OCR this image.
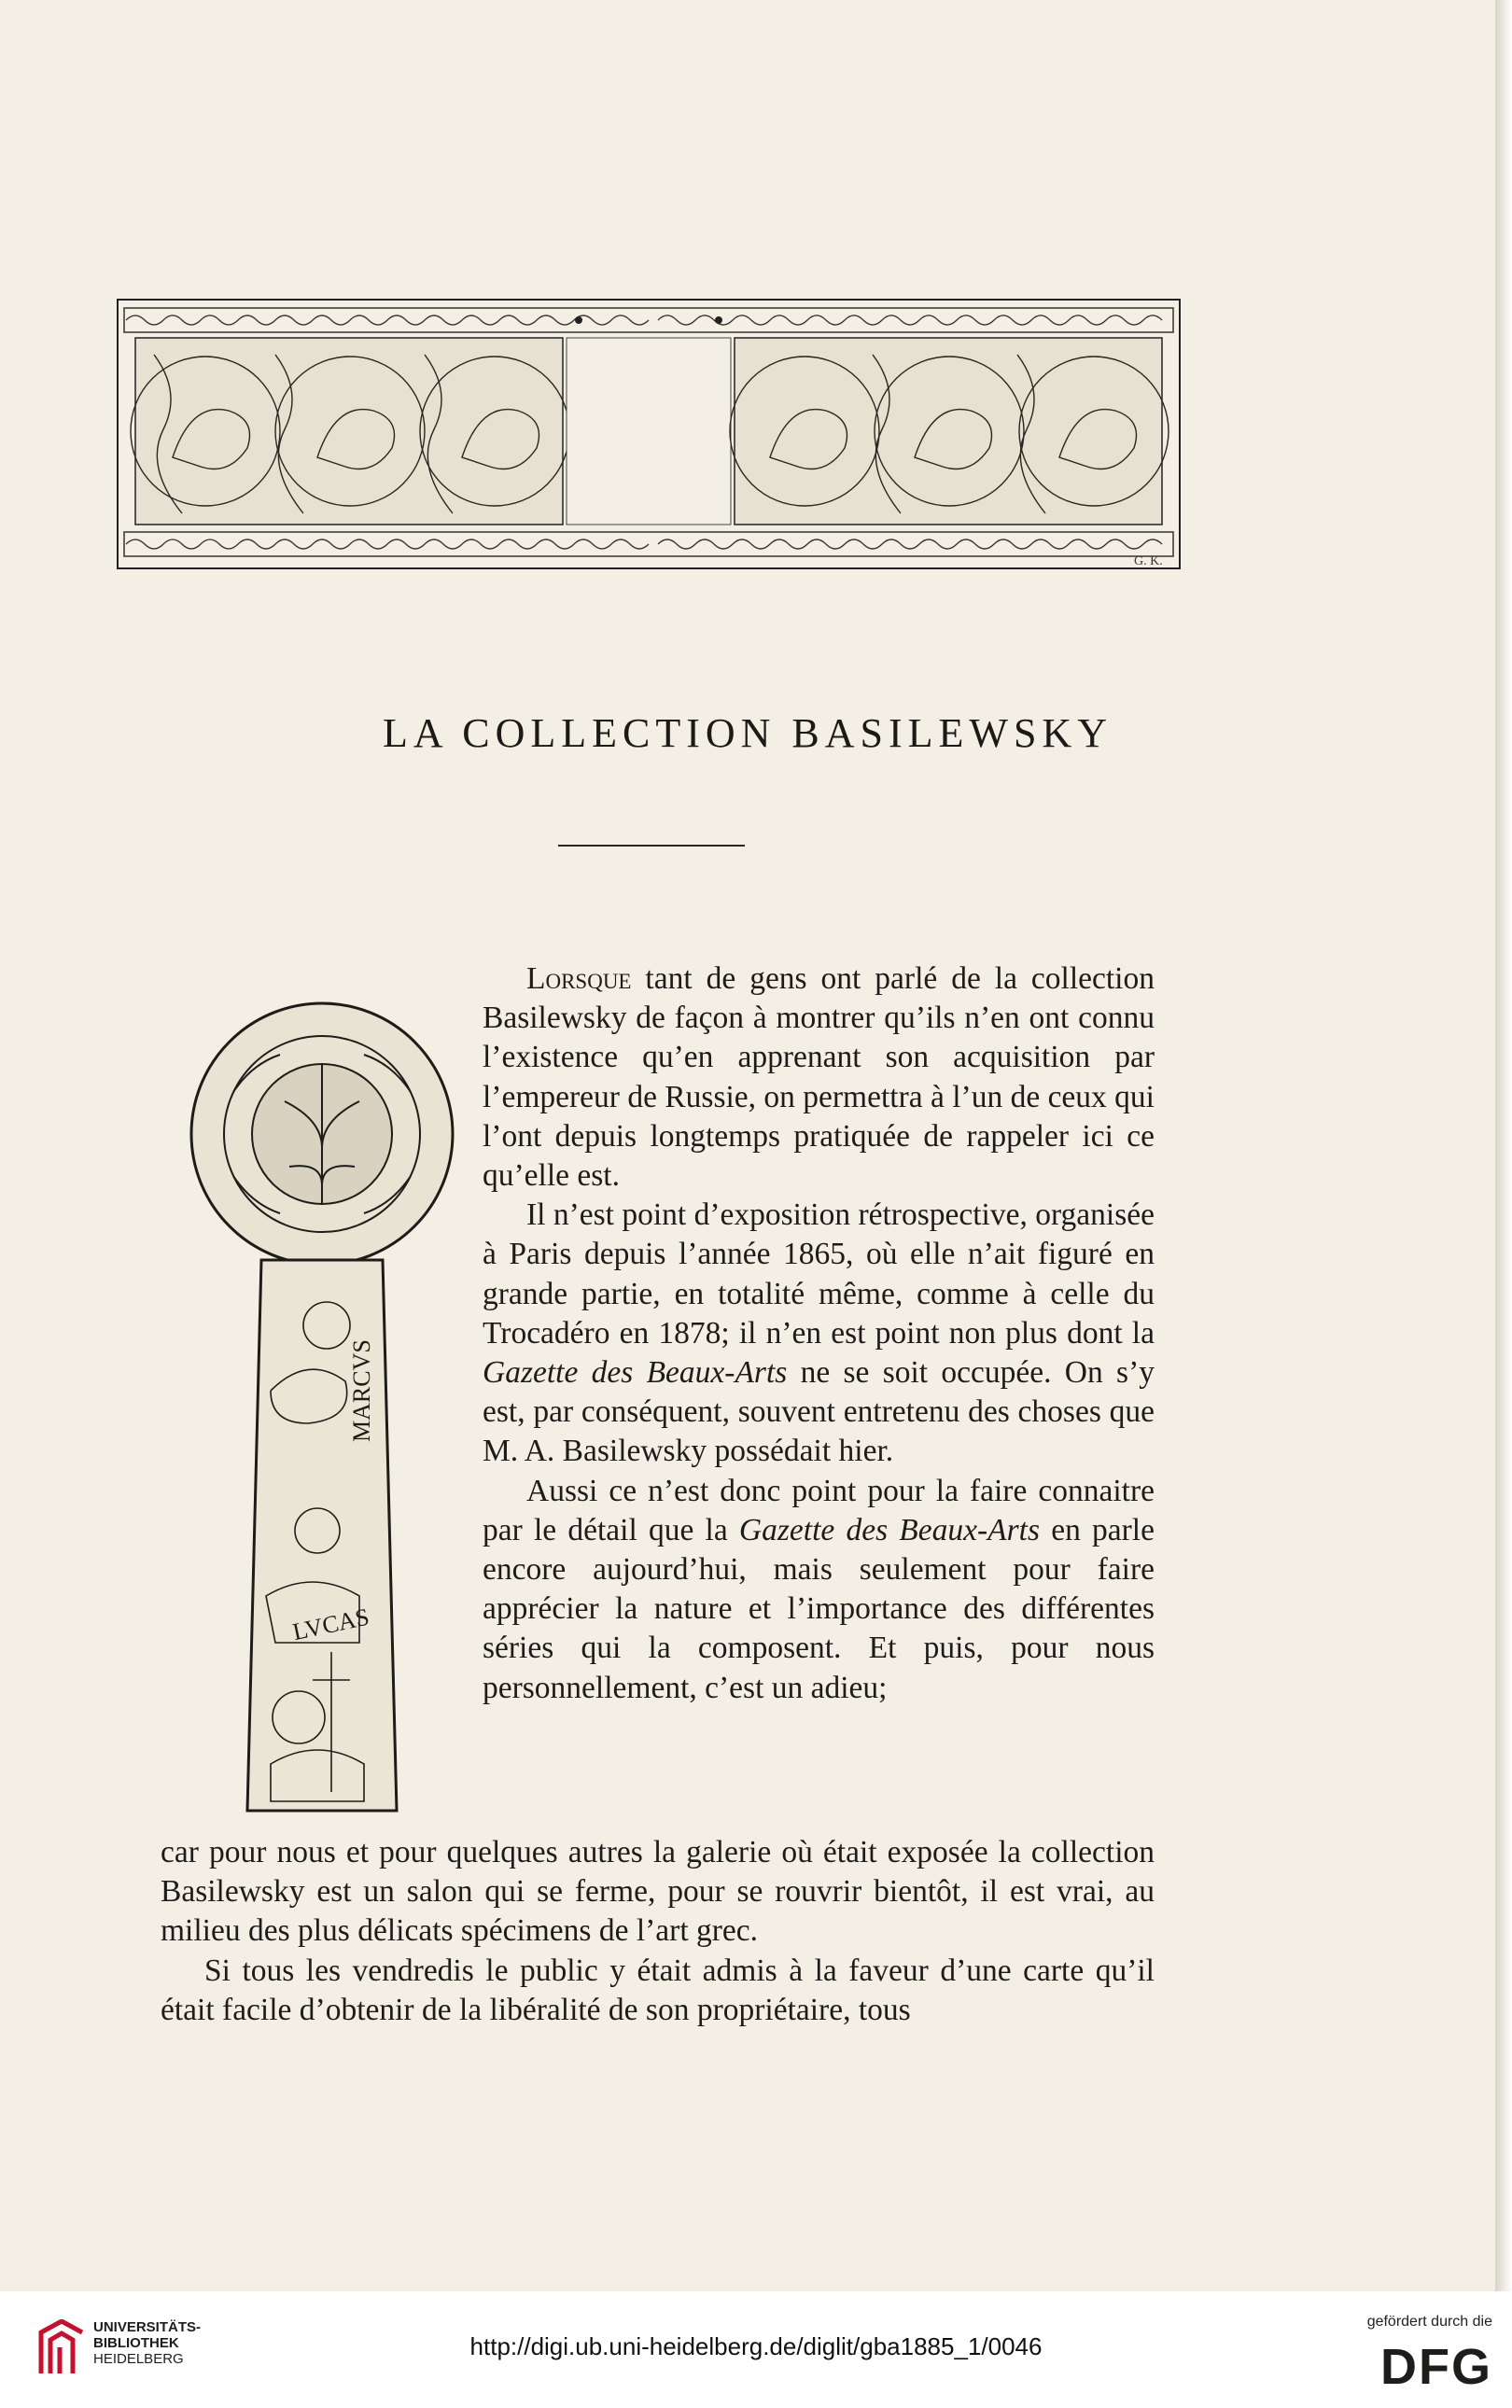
G. K.
LA COLLECTION BASILEWSKY
MARCVS
LVCAS

Lorsque tant de gens ont parlé de la collection Basilewsky de façon à montrer qu’ils n’en ont connu l’existence qu’en apprenant son acquisition par l’empereur de Russie, on permettra à l’un de ceux qui l’ont depuis longtemps pratiquée de rappeler ici ce qu’elle est.

Il n’est point d’exposition rétrospective, organisée à Paris depuis l’année 1865, où elle n’ait figuré en grande partie, en totalité même, comme à celle du Trocadéro en 1878; il n’en est point non plus dont la Gazette des Beaux-Arts ne se soit occupée. On s’y est, par conséquent, souvent entretenu des choses que M. A. Basilewsky possédait hier.

Aussi ce n’est donc point pour la faire connaitre par le détail que la Gazette des Beaux-Arts en parle encore aujourd’hui, mais seulement pour faire apprécier la nature et l’importance des différentes séries qui la composent. Et puis, pour nous personnellement, c’est un adieu;

car pour nous et pour quelques autres la galerie où était exposée la collection Basilewsky est un salon qui se ferme, pour se rouvrir bientôt, il est vrai, au milieu des plus délicats spécimens de l’art grec.

Si tous les vendredis le public y était admis à la faveur d’une carte qu’il était facile d’obtenir de la libéralité de son propriétaire, tous

UNIVERSITÄTS-
BIBLIOTHEK
HEIDELBERG	http://digi.ub.uni-heidelberg.de/diglit/gba1885_1/0046
gefördert durch die
DFG
